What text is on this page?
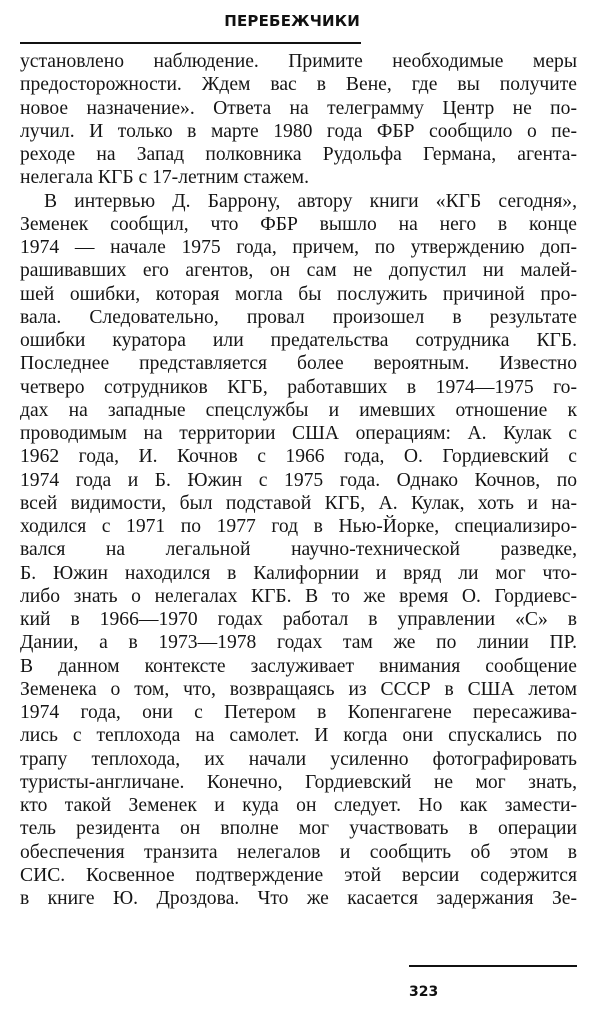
ПЕРЕБЕЖЧИКИ
установлено наблюдение. Примите необходимые меры
предосторожности. Ждем вас в Вене, где вы получите
новое назначение». Ответа на телеграмму Центр не по-
лучил. И только в марте 1980 года ФБР сообщило о пе-
реходе на Запад полковника Рудольфа Германа, агента-
нелегала КГБ с 17-летним стажем.
В интервью Д. Баррону, автору книги «КГБ сегодня»,
Земенек сообщил, что ФБР вышло на него в конце
1974 — начале 1975 года, причем, по утверждению доп-
рашивавших его агентов, он сам не допустил ни малей-
шей ошибки, которая могла бы послужить причиной про-
вала. Следовательно, провал произошел в результате
ошибки куратора или предательства сотрудника КГБ.
Последнее представляется более вероятным. Известно
четверо сотрудников КГБ, работавших в 1974—1975 го-
дах на западные спецслужбы и имевших отношение к
проводимым на территории США операциям: А. Кулак с
1962 года, И. Кочнов с 1966 года, О. Гордиевский с
1974 года и Б. Южин с 1975 года. Однако Кочнов, по
всей видимости, был подставой КГБ, А. Кулак, хоть и на-
ходился с 1971 по 1977 год в Нью-Йорке, специализиро-
вался на легальной научно-технической разведке,
Б. Южин находился в Калифорнии и вряд ли мог что-
либо знать о нелегалах КГБ. В то же время О. Гордиевс-
кий в 1966—1970 годах работал в управлении «С» в
Дании, а в 1973—1978 годах там же по линии ПР.
В данном контексте заслуживает внимания сообщение
Земенека о том, что, возвращаясь из СССР в США летом
1974 года, они с Петером в Копенгагене пересажива-
лись с теплохода на самолет. И когда они спускались по
трапу теплохода, их начали усиленно фотографировать
туристы-англичане. Конечно, Гордиевский не мог знать,
кто такой Земенек и куда он следует. Но как замести-
тель резидента он вполне мог участвовать в операции
обеспечения транзита нелегалов и сообщить об этом в
СИС. Косвенное подтверждение этой версии содержится
в книге Ю. Дроздова. Что же касается задержания Зе-
323
